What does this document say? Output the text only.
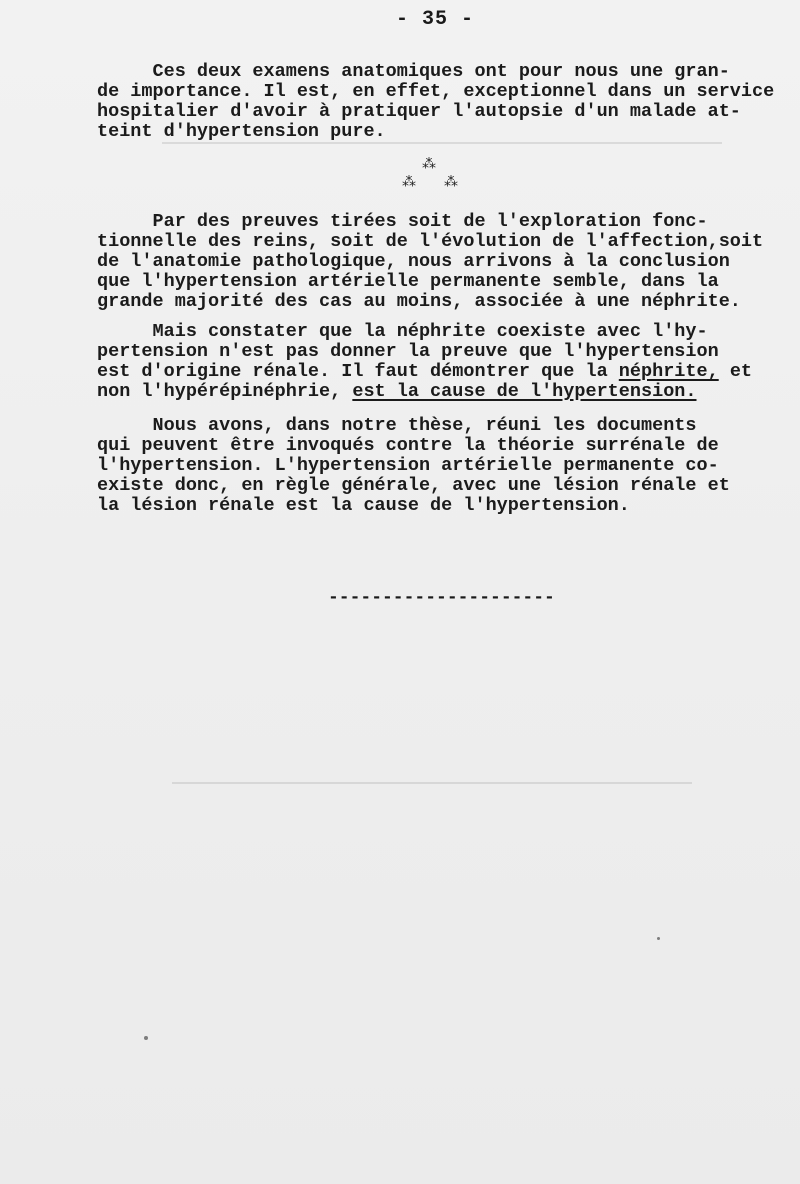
- 35 -
Ces deux examens anatomiques ont pour nous une gran-
de importance. Il est, en effet, exceptionnel dans un service
hospitalier d'avoir à pratiquer l'autopsie d'un malade at-
teint d'hypertension pure.
⁂
⁂ ⁂
Par des preuves tirées soit de l'exploration fonc-
tionnelle des reins, soit de l'évolution de l'affection,soit
de l'anatomie pathologique, nous arrivons à la conclusion
que l'hypertension artérielle permanente semble, dans la
grande majorité des cas au moins, associée à une néphrite.
Mais constater que la néphrite coexiste avec l'hy-
pertension n'est pas donner la preuve que l'hypertension
est d'origine rénale. Il faut démontrer que la néphrite, et
non l'hypérépinéphrie, est la cause de l'hypertension.
Nous avons, dans notre thèse, réuni les documents
qui peuvent être invoqués contre la théorie surrénale de
l'hypertension. L'hypertension artérielle permanente co-
existe donc, en règle générale, avec une lésion rénale et
la lésion rénale est la cause de l'hypertension.
---------------------
